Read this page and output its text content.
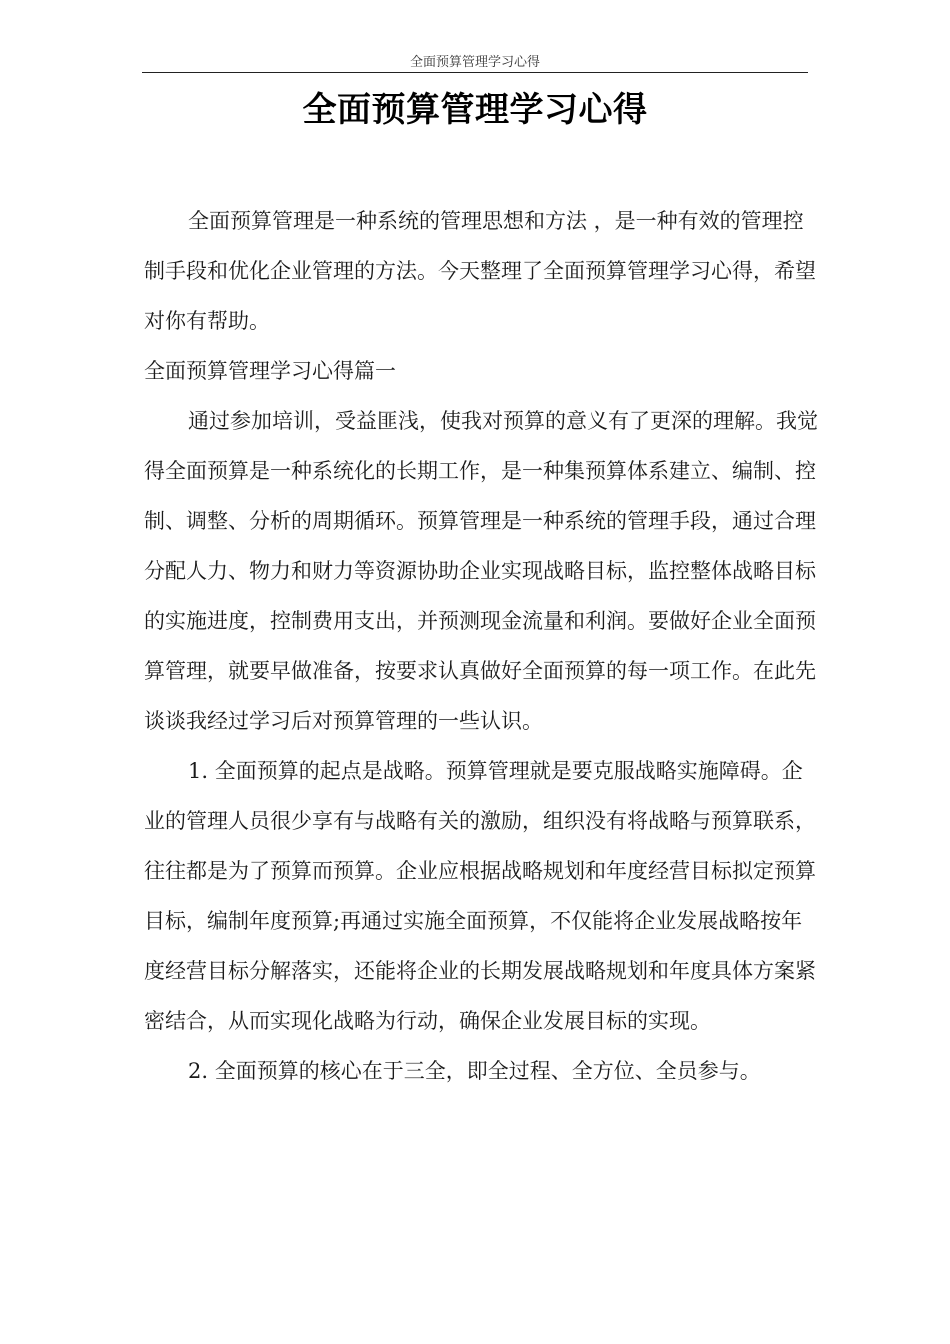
全面预算管理学习心得
全面预算管理学习心得

全面预算管理是一种系统的管理思想和方法 ，是一种有效的管理控制手段和优化企业管理的方法。今天整理了全面预算管理学习心得，希望对你有帮助。

全面预算管理学习心得篇一

通过参加培训，受益匪浅，使我对预算的意义有了更深的理解。我觉得全面预算是一种系统化的长期工作，是一种集预算体系建立、编制、控制、调整、分析的周期循环。预算管理是一种系统的管理手段，通过合理分配人力、物力和财力等资源协助企业实现战略目标，监控整体战略目标的实施进度，控制费用支出，并预测现金流量和利润。要做好企业全面预算管理，就要早做准备，按要求认真做好全面预算的每一项工作。在此先谈谈我经过学习后对预算管理的一些认识。

1. 全面预算的起点是战略。预算管理就是要克服战略实施障碍。企业的管理人员很少享有与战略有关的激励，组织没有将战略与预算联系，往往都是为了预算而预算。企业应根据战略规划和年度经营目标拟定预算目标，编制年度预算;再通过实施全面预算，不仅能将企业发展战略按年度经营目标分解落实，还能将企业的长期发展战略规划和年度具体方案紧密结合，从而实现化战略为行动，确保企业发展目标的实现。

2. 全面预算的核心在于三全，即全过程、全方位、全员参与。
